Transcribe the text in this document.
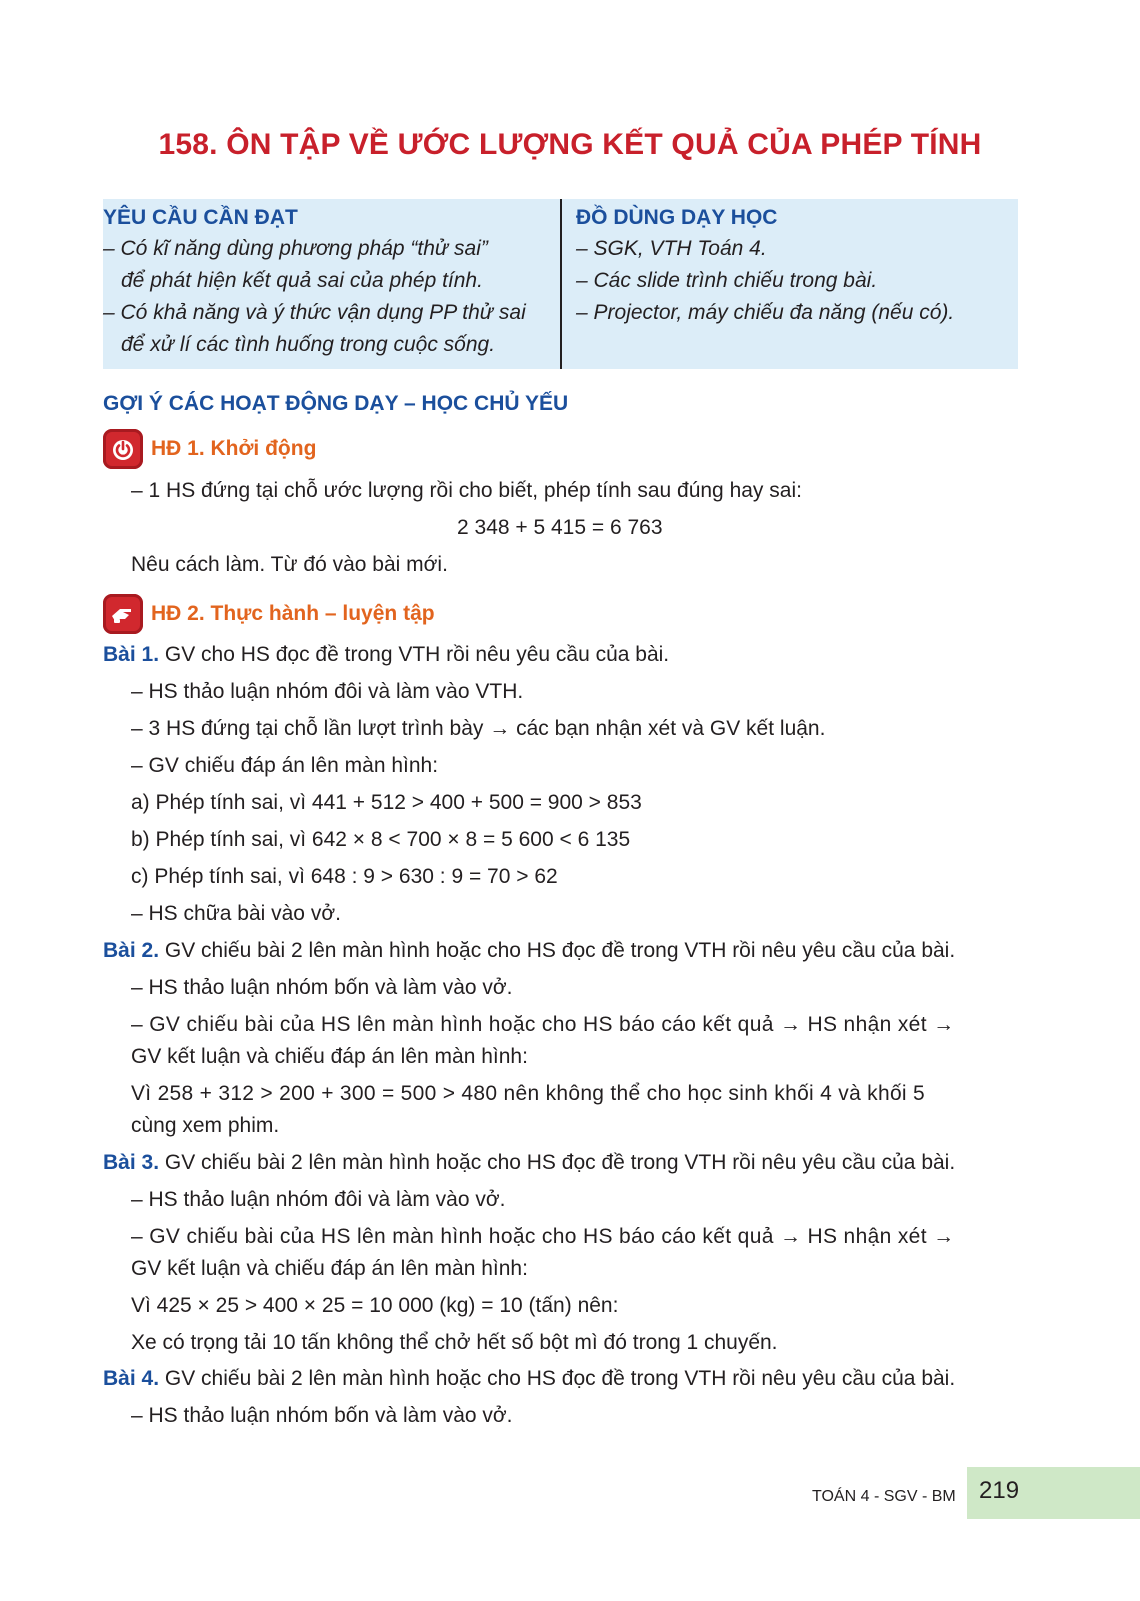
158. ÔN TẬP VỀ ƯỚC LƯỢNG KẾT QUẢ CỦA PHÉP TÍNH
YÊU CẦU CẦN ĐẠT
– Có kĩ năng dùng phương pháp “thử sai”
để phát hiện kết quả sai của phép tính.
– Có khả năng và ý thức vận dụng PP thử sai
để xử lí các tình huống trong cuộc sống.
ĐỒ DÙNG DẠY HỌC
– SGK, VTH Toán 4.
– Các slide trình chiếu trong bài.
– Projector, máy chiếu đa năng (nếu có).
GỢI Ý CÁC HOẠT ĐỘNG DẠY – HỌC CHỦ YẾU
HĐ 1. Khởi động
– 1 HS đứng tại chỗ ước lượng rồi cho biết, phép tính sau đúng hay sai:
2 348 + 5 415 = 6 763
Nêu cách làm. Từ đó vào bài mới.
HĐ 2. Thực hành – luyện tập
Bài 1. GV cho HS đọc đề trong VTH rồi nêu yêu cầu của bài.
– HS thảo luận nhóm đôi và làm vào VTH.
– 3 HS đứng tại chỗ lần lượt trình bày → các bạn nhận xét và GV kết luận.
– GV chiếu đáp án lên màn hình:
a) Phép tính sai, vì 441 + 512 > 400 + 500 = 900 > 853
b) Phép tính sai, vì 642 × 8 < 700 × 8 = 5 600 < 6 135
c) Phép tính sai, vì 648 : 9 > 630 : 9 = 70 > 62
– HS chữa bài vào vở.
Bài 2. GV chiếu bài 2 lên màn hình hoặc cho HS đọc đề trong VTH rồi nêu yêu cầu của bài.
– HS thảo luận nhóm bốn và làm vào vở.
– GV chiếu bài của HS lên màn hình hoặc cho HS báo cáo kết quả → HS nhận xét →
GV kết luận và chiếu đáp án lên màn hình:
Vì 258 + 312 > 200 + 300 = 500 > 480 nên không thể cho học sinh khối 4 và khối 5
cùng xem phim.
Bài 3. GV chiếu bài 2 lên màn hình hoặc cho HS đọc đề trong VTH rồi nêu yêu cầu của bài.
– HS thảo luận nhóm đôi và làm vào vở.
– GV chiếu bài của HS lên màn hình hoặc cho HS báo cáo kết quả → HS nhận xét →
GV kết luận và chiếu đáp án lên màn hình:
Vì 425 × 25 > 400 × 25 = 10 000 (kg) = 10 (tấn) nên:
Xe có trọng tải 10 tấn không thể chở hết số bột mì đó trong 1 chuyến.
Bài 4. GV chiếu bài 2 lên màn hình hoặc cho HS đọc đề trong VTH rồi nêu yêu cầu của bài.
– HS thảo luận nhóm bốn và làm vào vở.
TOÁN 4 - SGV - BM 219
